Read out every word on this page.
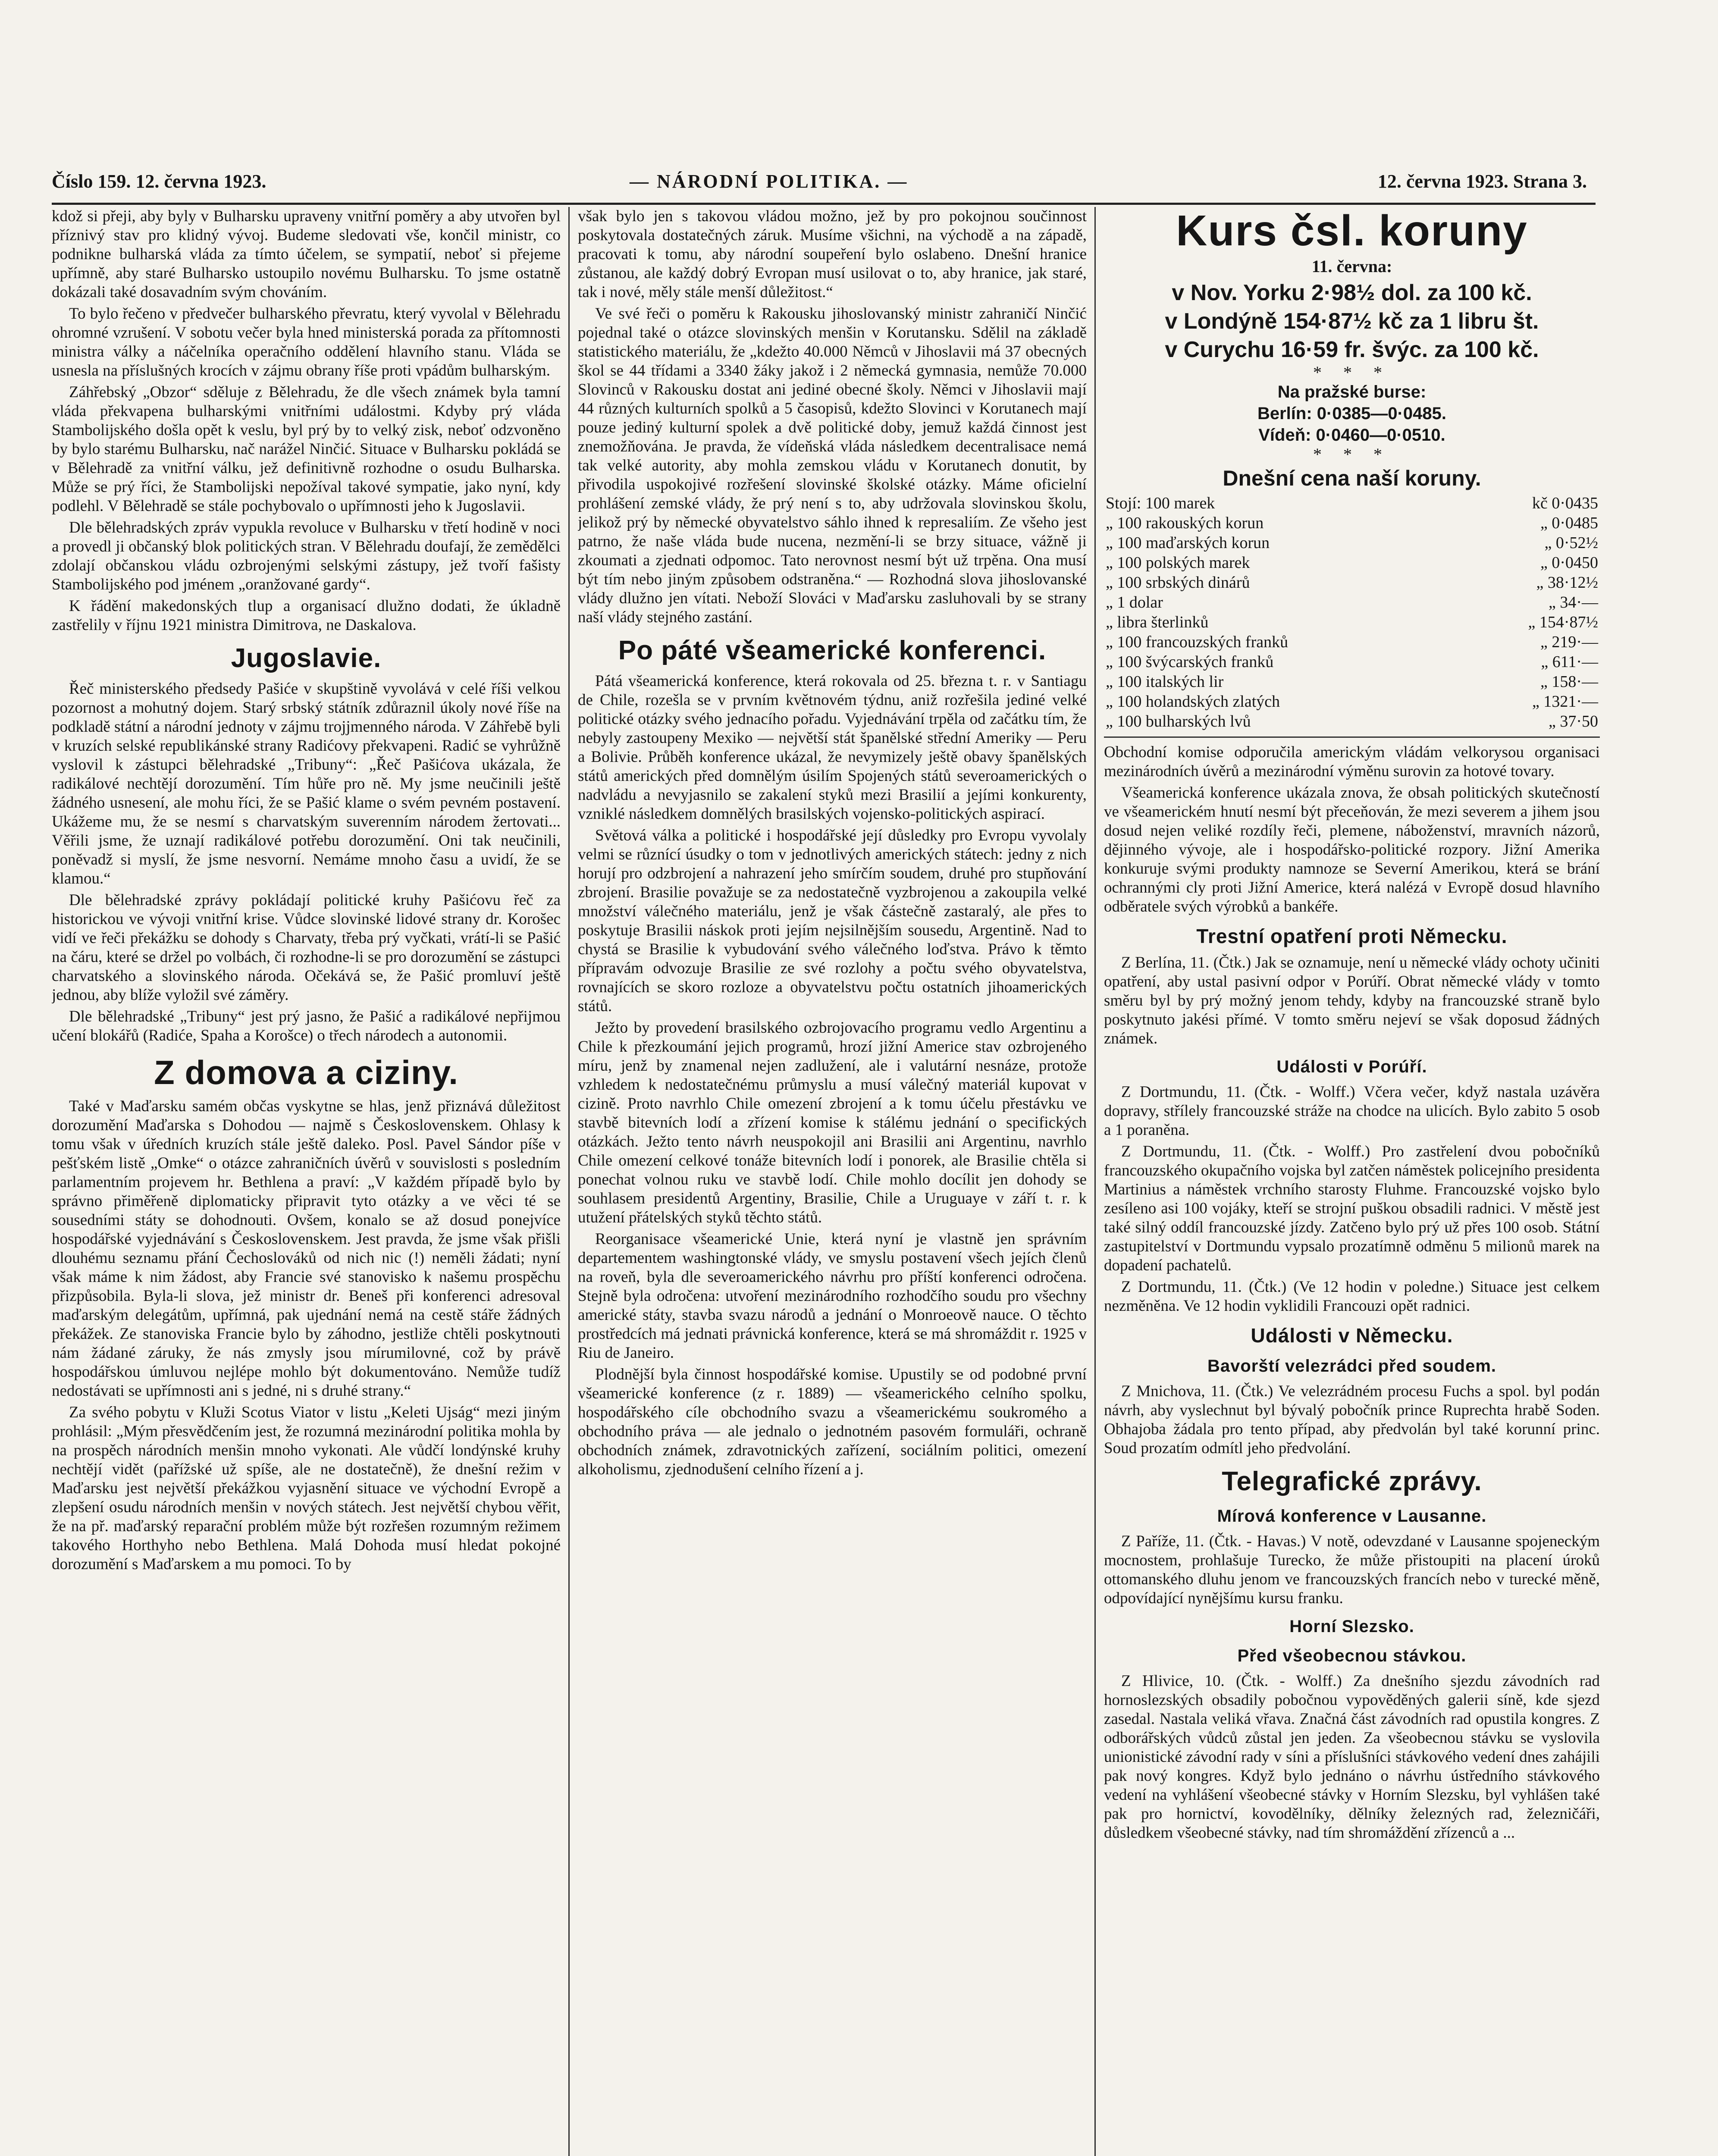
Číslo 159. 12. června 1923.	— NÁRODNÍ POLITIKA. —	12. června 1923. Strana 3.

kdož si přeji, aby byly v Bulharsku upraveny vnitřní poměry a aby utvořen byl příznivý stav pro klidný vývoj. Budeme sledovati vše, končil ministr, co podnikne bulharská vláda za tímto účelem, se sympatií, neboť si přejeme upřímně, aby staré Bulharsko ustoupilo novému Bulharsku. To jsme ostatně dokázali také dosavadním svým chováním.

To bylo řečeno v předvečer bulharského převratu, který vyvolal v Bělehradu ohromné vzrušení. V sobotu večer byla hned ministerská porada za přítomnosti ministra války a náčelníka operačního oddělení hlavního stanu. Vláda se usnesla na příslušných krocích v zájmu obrany říše proti vpádům bulharským.

Záhřebský „Obzor“ sděluje z Bělehradu, že dle všech známek byla tamní vláda překvapena bulharskými vnitřními událostmi. Kdyby prý vláda Stambolijského došla opět k veslu, byl prý by to velký zisk, neboť odzvoněno by bylo starému Bulharsku, nač narážel Ninčić. Situace v Bulharsku pokládá se v Bělehradě za vnitřní válku, jež definitivně rozhodne o osudu Bulharska. Může se prý říci, že Stambolijski nepožíval takové sympatie, jako nyní, kdy podlehl. V Bělehradě se stále pochybovalo o upřímnosti jeho k Jugoslavii.

Dle bělehradských zpráv vypukla revoluce v Bulharsku v třetí hodině v noci a provedl ji občanský blok politických stran. V Bělehradu doufají, že zemědělci zdolají občanskou vládu ozbrojenými selskými zástupy, jež tvoří fašisty Stambolijského pod jménem „oranžované gardy“.

K řádění makedonských tlup a organisací dlužno dodati, že úkladně zastřelily v říjnu 1921 ministra Dimitrova, ne Daskalova.

Jugoslavie.

Řeč ministerského předsedy Pašiće v skupštině vyvolává v celé říši velkou pozornost a mohutný dojem. Starý srbský státník zdůraznil úkoly nové říše na podkladě státní a národní jednoty v zájmu trojjmenného národa. V Záhřebě byli v kruzích selské republikánské strany Radićovy překvapeni. Radić se vyhrůžně vyslovil k zástupci bělehradské „Tribuny“: „Řeč Pašićova ukázala, že radikálové nechtějí dorozumění. Tím hůře pro ně. My jsme neučinili ještě žádného usnesení, ale mohu říci, že se Pašić klame o svém pevném postavení. Ukážeme mu, že se nesmí s charvatským suverenním národem žertovati... Věřili jsme, že uznají radikálové potřebu dorozumění. Oni tak neučinili, poněvadž si myslí, že jsme nesvorní. Nemáme mnoho času a uvidí, že se klamou.“

Dle bělehradské zprávy pokládají politické kruhy Pašićovu řeč za historickou ve vývoji vnitřní krise. Vůdce slovinské lidové strany dr. Korošec vidí ve řeči překážku se dohody s Charvaty, třeba prý vyčkati, vrátí-li se Pašić na čáru, které se držel po volbách, či rozhodne-li se pro dorozumění se zástupci charvatského a slovinského národa. Očekává se, že Pašić promluví ještě jednou, aby blíže vyložil své záměry.

Dle bělehradské „Tribuny“ jest prý jasno, že Pašić a radikálové nepřijmou učení blokářů (Radiće, Spaha a Korošce) o třech národech a autonomii.

Z domova a ciziny.

Také v Maďarsku samém občas vyskytne se hlas, jenž přiznává důležitost dorozumění Maďarska s Dohodou — najmě s Československem. Ohlasy k tomu však v úředních kruzích stále ještě daleko. Posl. Pavel Sándor píše v pešťském listě „Omke“ o otázce zahraničních úvěrů v souvislosti s posledním parlamentním projevem hr. Bethlena a praví: „V každém případě bylo by správno přiměřeně diplomaticky připravit tyto otázky a ve věci té se sousedními státy se dohodnouti. Ovšem, konalo se až dosud ponejvíce hospodářské vyjednávání s Československem. Jest pravda, že jsme však přišli dlouhému seznamu přání Čechoslováků od nich nic (!) neměli žádati; nyní však máme k nim žádost, aby Francie své stanovisko k našemu prospěchu přizpůsobila. Byla-li slova, jež ministr dr. Beneš při konferenci adresoval maďarským delegátům, upřímná, pak ujednání nemá na cestě stáře žádných překážek. Ze stanoviska Francie bylo by záhodno, jestliže chtěli poskytnouti nám žádané záruky, že nás zmysly jsou mírumilovné, což by právě hospodářskou úmluvou nejlépe mohlo být dokumentováno. Nemůže tudíž nedostávati se upřímnosti ani s jedné, ni s druhé strany.“

Za svého pobytu v Kluži Scotus Viator v listu „Keleti Ujság“ mezi jiným prohlásil: „Mým přesvědčením jest, že rozumná mezinárodní politika mohla by na prospěch národních menšin mnoho vykonati. Ale vůdčí londýnské kruhy nechtějí vidět (pařížské už spíše, ale ne dostatečně), že dnešní režim v Maďarsku jest největší překážkou vyjasnění situace ve východní Evropě a zlepšení osudu národních menšin v nových státech. Jest největší chybou věřit, že na př. maďarský reparační problém může být rozřešen rozumným režimem takového Horthyho nebo Bethlena. Malá Dohoda musí hledat pokojné dorozumění s Maďarskem a mu pomoci. To by

však bylo jen s takovou vládou možno, jež by pro pokojnou součinnost poskytovala dostatečných záruk. Musíme všichni, na východě a na západě, pracovati k tomu, aby národní soupeření bylo oslabeno. Dnešní hranice zůstanou, ale každý dobrý Evropan musí usilovat o to, aby hranice, jak staré, tak i nové, měly stále menší důležitost.“

Ve své řeči o poměru k Rakousku jihoslovanský ministr zahraničí Ninčić pojednal také o otázce slovinských menšin v Korutansku. Sdělil na základě statistického materiálu, že „kdežto 40.000 Němců v Jihoslavii má 37 obecných škol se 44 třídami a 3340 žáky jakož i 2 německá gymnasia, nemůže 70.000 Slovinců v Rakousku dostat ani jediné obecné školy. Němci v Jihoslavii mají 44 různých kulturních spolků a 5 časopisů, kdežto Slovinci v Korutanech mají pouze jediný kulturní spolek a dvě politické doby, jemuž každá činnost jest znemožňována. Je pravda, že vídeňská vláda následkem decentralisace nemá tak velké autority, aby mohla zemskou vládu v Korutanech donutit, by přivodila uspokojivé rozřešení slovinské školské otázky. Máme oficielní prohlášení zemské vlády, že prý není s to, aby udržovala slovinskou školu, jelikož prý by německé obyvatelstvo sáhlo ihned k represaliím. Ze všeho jest patrno, že naše vláda bude nucena, nezmění-li se brzy situace, vážně ji zkoumati a zjednati odpomoc. Tato nerovnost nesmí být už trpěna. Ona musí být tím nebo jiným způsobem odstraněna.“ — Rozhodná slova jihoslovanské vlády dlužno jen vítati. Neboží Slováci v Maďarsku zasluhovali by se strany naší vlády stejného zastání.

Po páté všeamerické konferenci.

Pátá všeamerická konference, která rokovala od 25. března t. r. v Santiagu de Chile, rozešla se v prvním květnovém týdnu, aniž rozřešila jediné velké politické otázky svého jednacího pořadu. Vyjednávání trpěla od začátku tím, že nebyly zastoupeny Mexiko — největší stát španělské střední Ameriky — Peru a Bolivie. Průběh konference ukázal, že nevymizely ještě obavy španělských států amerických před domnělým úsilím Spojených států severoamerických o nadvládu a nevyjasnilo se zakalení styků mezi Brasilií a jejími konkurenty, vzniklé následkem domnělých brasilských vojensko-politických aspirací.

Světová válka a politické i hospodářské její důsledky pro Evropu vyvolaly velmi se různící úsudky o tom v jednotlivých amerických státech: jedny z nich horují pro odzbrojení a nahrazení jeho smírčím soudem, druhé pro stupňování zbrojení. Brasilie považuje se za nedostatečně vyzbrojenou a zakoupila velké množství válečného materiálu, jenž je však částečně zastaralý, ale přes to poskytuje Brasilii náskok proti jejím nejsilnějším sousedu, Argentině. Nad to chystá se Brasilie k vybudování svého válečného loďstva. Právo k těmto přípravám odvozuje Brasilie ze své rozlohy a počtu svého obyvatelstva, rovnajících se skoro rozloze a obyvatelstvu počtu ostatních jihoamerických států.

Ježto by provedení brasilského ozbrojovacího programu vedlo Argentinu a Chile k přezkoumání jejich programů, hrozí jižní Americe stav ozbrojeného míru, jenž by znamenal nejen zadlužení, ale i valutární nesnáze, protože vzhledem k nedostatečnému průmyslu a musí válečný materiál kupovat v cizině. Proto navrhlo Chile omezení zbrojení a k tomu účelu přestávku ve stavbě bitevních lodí a zřízení komise k stálému jednání o specifických otázkách. Ježto tento návrh neuspokojil ani Brasilii ani Argentinu, navrhlo Chile omezení celkové tonáže bitevních lodí i ponorek, ale Brasilie chtěla si ponechat volnou ruku ve stavbě lodí. Chile mohlo docílit jen dohody se souhlasem presidentů Argentiny, Brasilie, Chile a Uruguaye v září t. r. k utužení přátelských styků těchto států.

Reorganisace všeamerické Unie, která nyní je vlastně jen správním departementem washingtonské vlády, ve smyslu postavení všech jejích členů na roveň, byla dle severoamerického návrhu pro příští konferenci odročena. Stejně byla odročena: utvoření mezinárodního rozhodčího soudu pro všechny americké státy, stavba svazu národů a jednání o Monroeově nauce. O těchto prostředcích má jednati právnická konference, která se má shromáždit r. 1925 v Riu de Janeiro.

Plodnější byla činnost hospodářské komise. Upustily se od podobné první všeamerické konference (z r. 1889) — všeamerického celního spolku, hospodářského cíle obchodního svazu a všeamerickému soukromého a obchodního práva — ale jednalo o jednotném pasovém formuláři, ochraně obchodních známek, zdravotnických zařízení, sociálním politici, omezení alkoholismu, zjednodušení celního řízení a j.

Kurs čsl. koruny
11. června:
v Nov. Yorku 2·98½ dol. za 100 kč.
v Londýně 154·87½ kč za 1 libru št.
v Curychu 16·59 fr. švýc. za 100 kč.
* * *
Na pražské burse:
Berlín: 0·0385—0·0485.
Vídeň: 0·0460—0·0510.
* * *
Dnešní cena naší koruny.
Stojí: 100 marek	kč 0·0435
„ 100 rakouských korun	„ 0·0485
„ 100 maďarských korun	„ 0·52½
„ 100 polských marek	„ 0·0450
„ 100 srbských dinárů	„ 38·12½
„ 1 dolar	„ 34·—
„ libra šterlinků	„ 154·87½
„ 100 francouzských franků	„ 219·—
„ 100 švýcarských franků	„ 611·—
„ 100 italských lir	„ 158·—
„ 100 holandských zlatých	„ 1321·—
„ 100 bulharských lvů	„ 37·50

Obchodní komise odporučila americkým vládám velkorysou organisaci mezinárodních úvěrů a mezinárodní výměnu surovin za hotové tovary.

Všeamerická konference ukázala znova, že obsah politických skutečností ve všeamerickém hnutí nesmí být přeceňován, že mezi severem a jihem jsou dosud nejen veliké rozdíly řeči, plemene, náboženství, mravních názorů, dějinného vývoje, ale i hospodářsko-politické rozpory. Jižní Amerika konkuruje svými produkty namnoze se Severní Amerikou, která se brání ochrannými cly proti Jižní Americe, která nalézá v Evropě dosud hlavního odběratele svých výrobků a bankéře.

Trestní opatření proti Německu.

Z Berlína, 11. (Čtk.) Jak se oznamuje, není u německé vlády ochoty učiniti opatření, aby ustal pasivní odpor v Porúří. Obrat německé vlády v tomto směru byl by prý možný jenom tehdy, kdyby na francouzské straně bylo poskytnuto jakési přímé. V tomto směru nejeví se však doposud žádných známek.

Události v Porúří.

Z Dortmundu, 11. (Čtk. - Wolff.) Včera večer, když nastala uzávěra dopravy, střílely francouzské stráže na chodce na ulicích. Bylo zabito 5 osob a 1 poraněna.

Z Dortmundu, 11. (Čtk. - Wolff.) Pro zastřelení dvou pobočníků francouzského okupačního vojska byl zatčen náměstek policejního presidenta Martinius a náměstek vrchního starosty Fluhme. Francouzské vojsko bylo zesíleno asi 100 vojáky, kteří se strojní puškou obsadili radnici. V městě jest také silný oddíl francouzské jízdy. Zatčeno bylo prý už přes 100 osob. Státní zastupitelství v Dortmundu vypsalo prozatímně odměnu 5 milionů marek na dopadení pachatelů.

Z Dortmundu, 11. (Čtk.) (Ve 12 hodin v poledne.) Situace jest celkem nezměněna. Ve 12 hodin vyklidili Francouzi opět radnici.

Události v Německu.
Bavorští velezrádci před soudem.

Z Mnichova, 11. (Čtk.) Ve velezrádném procesu Fuchs a spol. byl podán návrh, aby vyslechnut byl bývalý pobočník prince Ruprechta hrabě Soden. Obhajoba žádala pro tento případ, aby předvolán byl také korunní princ. Soud prozatím odmítl jeho předvolání.

Telegrafické zprávy.
Mírová konference v Lausanne.

Z Paříže, 11. (Čtk. - Havas.) V notě, odevzdané v Lausanne spojeneckým mocnostem, prohlašuje Turecko, že může přistoupiti na placení úroků ottomanského dluhu jenom ve francouzských francích nebo v turecké měně, odpovídající nynějšímu kursu franku.

Horní Slezsko.
Před všeobecnou stávkou.

Z Hlivice, 10. (Čtk. - Wolff.) Za dnešního sjezdu závodních rad hornoslezských obsadily pobočnou vypověděných galerii síně, kde sjezd zasedal. Nastala veliká vřava. Značná část závodních rad opustila kongres. Z odborářských vůdců zůstal jen jeden. Za všeobecnou stávku se vyslovila unionistické závodní rady v síni a příslušníci stávkového vedení dnes zahájili pak nový kongres. Když bylo jednáno o návrhu ústředního stávkového vedení na vyhlášení všeobecné stávky v Horním Slezsku, byl vyhlášen také pak pro hornictví, kovodělníky, dělníky železných rad, železničáři, důsledkem všeobecné stávky, nad tím shromáždění zřízenců a ...
